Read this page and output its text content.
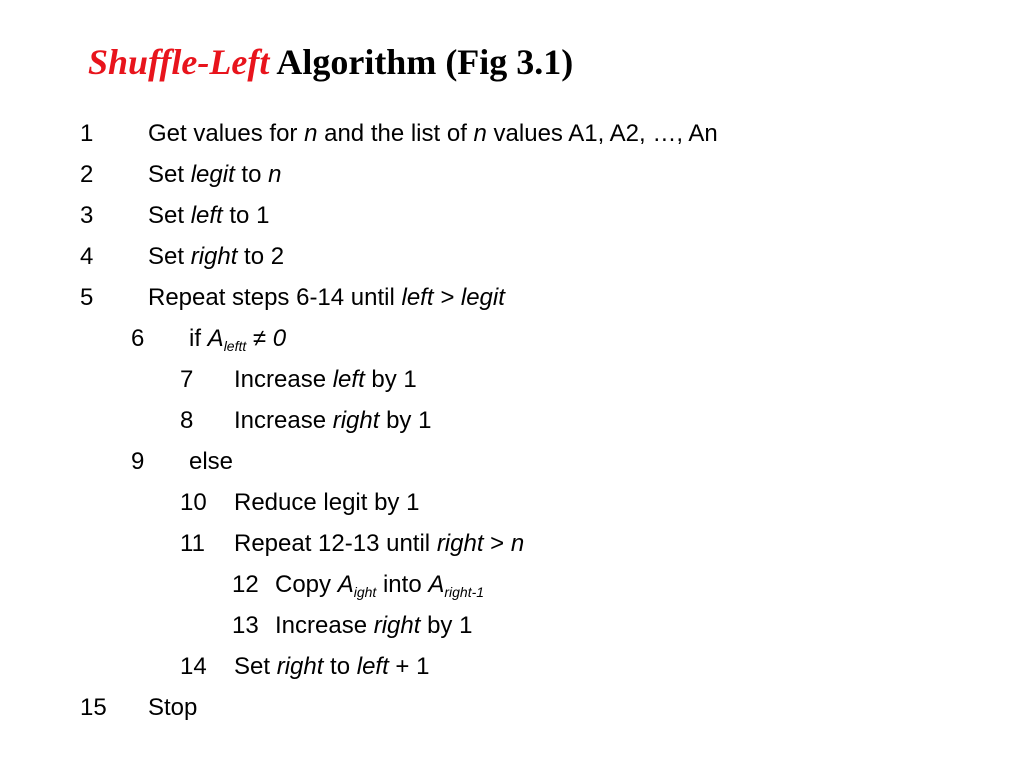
Shuffle-Left Algorithm (Fig 3.1)
1 Get values for n and the list of n values A1, A2, …, An
2 Set legit to n
3 Set left to 1
4 Set right to 2
5 Repeat steps 6-14 until left > legit
6 if $A_{leftt} \ne 0$
7 Increase left by 1
8 Increase right by 1
9 else
10 Reduce legit by 1
11 Repeat 12-13 until right > n
12 Copy $A_{ight}$ into $A_{right-1}$
13 Increase right by 1
14 Set right to left + 1
15 Stop
